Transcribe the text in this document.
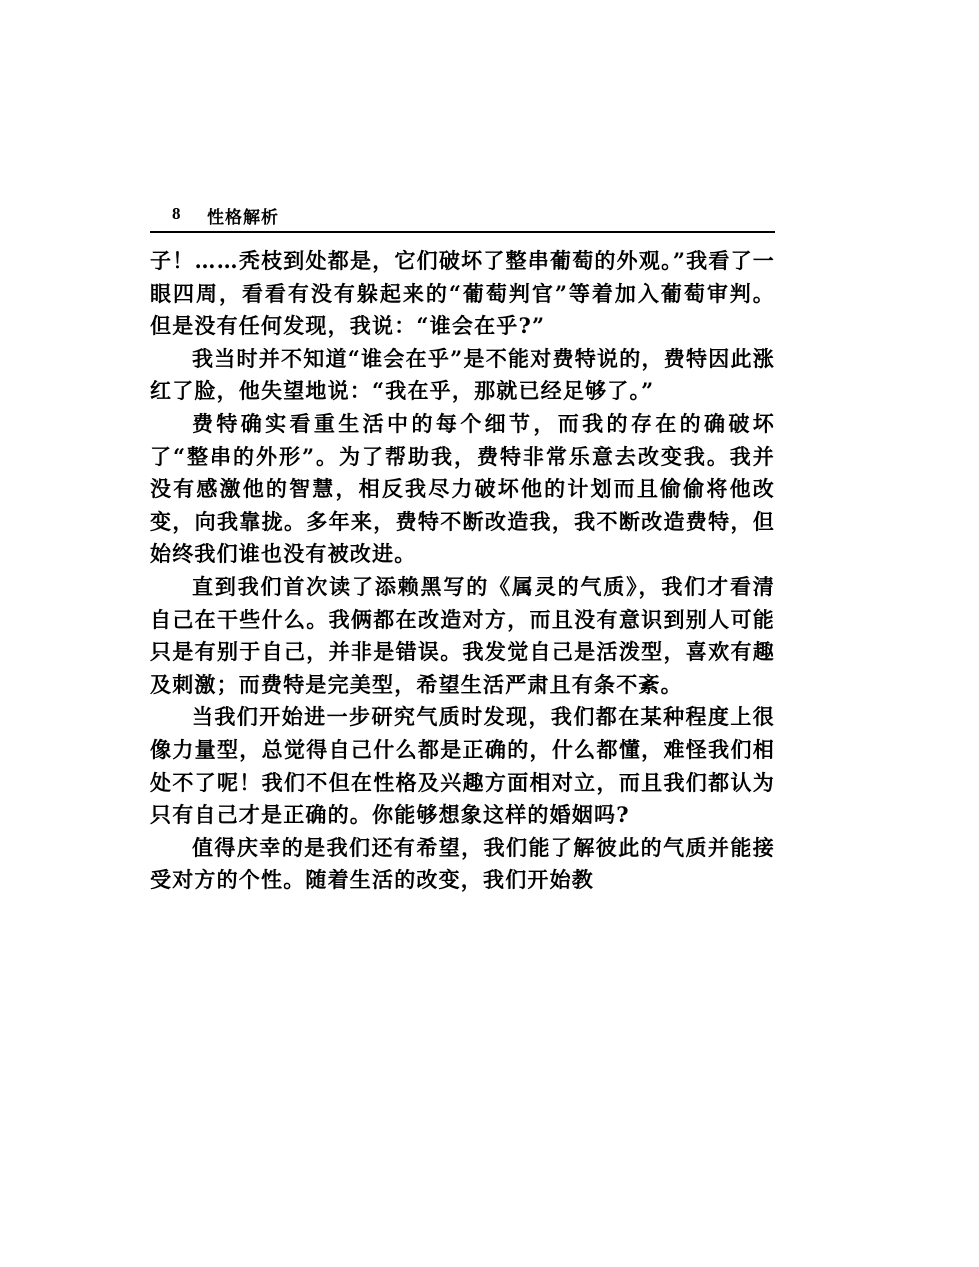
8 性格解析

子！……秃枝到处都是，它们破坏了整串葡萄的外观。”我看了一眼四周，看看有没有躲起来的“葡萄判官”等着加入葡萄审判。但是没有任何发现，我说：“谁会在乎?”

我当时并不知道“谁会在乎”是不能对费特说的，费特因此涨红了脸，他失望地说：“我在乎，那就已经足够了。”

费特确实看重生活中的每个细节，而我的存在的确破坏了“整串的外形”。为了帮助我，费特非常乐意去改变我。我并没有感激他的智慧，相反我尽力破坏他的计划而且偷偷将他改变，向我靠拢。多年来，费特不断改造我，我不断改造费特，但始终我们谁也没有被改进。

直到我们首次读了添赖黑写的《属灵的气质》，我们才看清自己在干些什么。我俩都在改造对方，而且没有意识到别人可能只是有别于自己，并非是错误。我发觉自己是活泼型，喜欢有趣及刺激；而费特是完美型，希望生活严肃且有条不紊。

当我们开始进一步研究气质时发现，我们都在某种程度上很像力量型，总觉得自己什么都是正确的，什么都懂，难怪我们相处不了呢！我们不但在性格及兴趣方面相对立，而且我们都认为只有自己才是正确的。你能够想象这样的婚姻吗?

值得庆幸的是我们还有希望，我们能了解彼此的气质并能接受对方的个性。随着生活的改变，我们开始教
